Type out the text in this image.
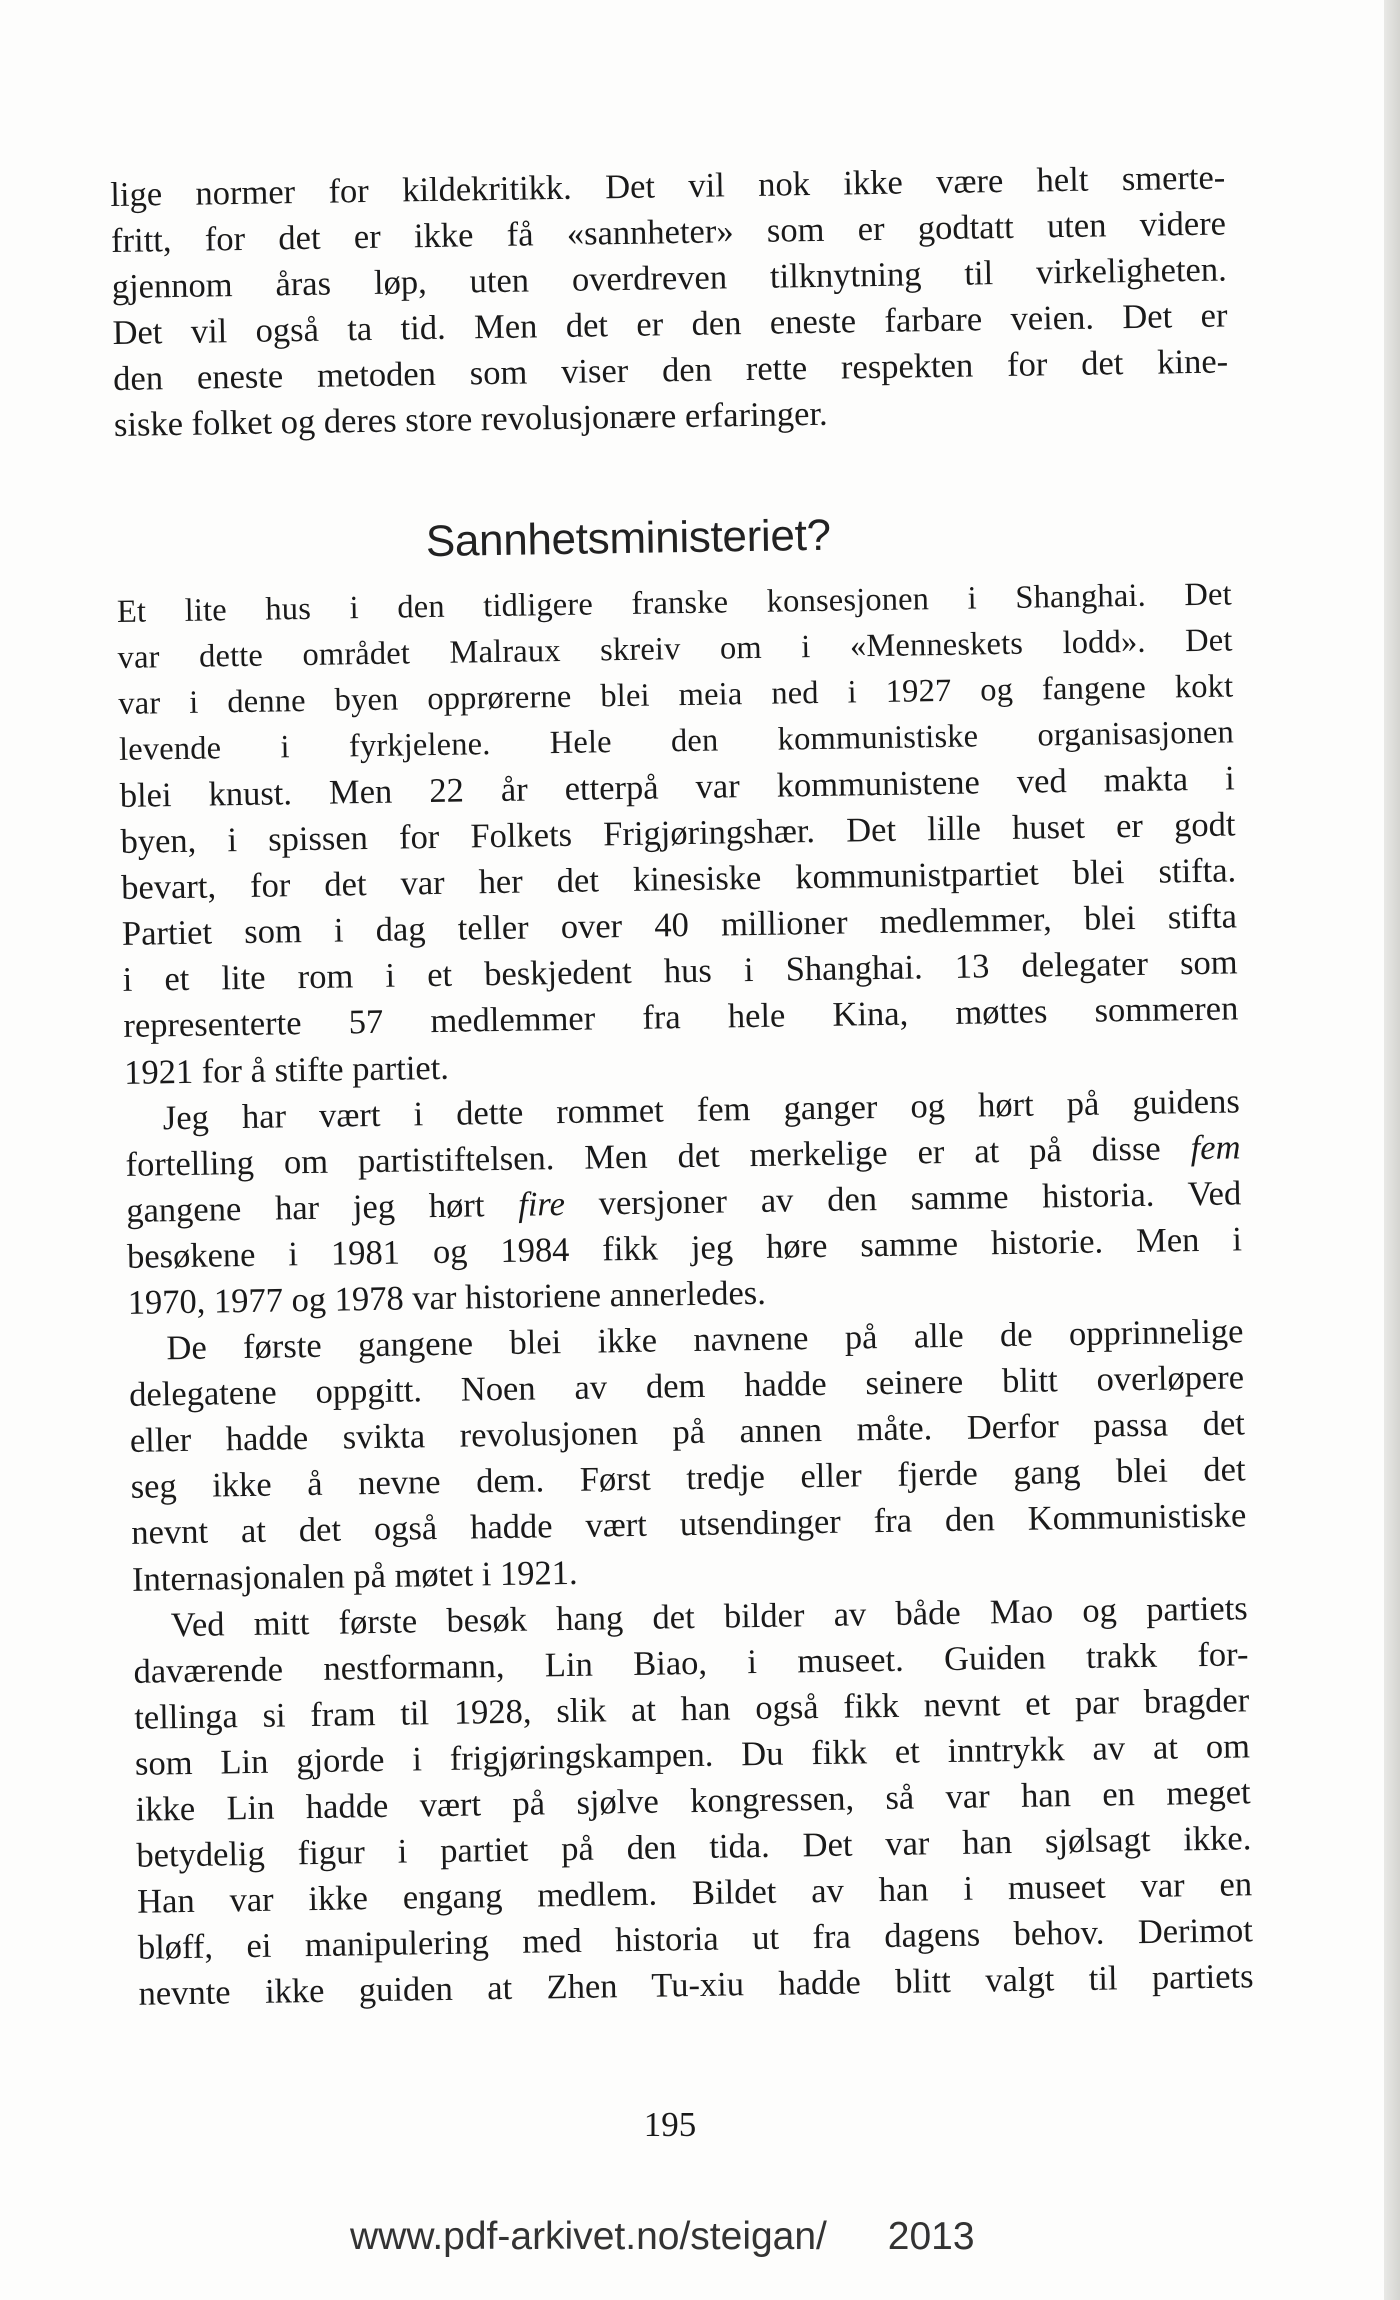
lige normer for kildekritikk. Det vil nok ikke være helt smerte-
fritt, for det er ikke få «sannheter» som er godtatt uten videre
gjennom åras løp, uten overdreven tilknytning til virkeligheten.
Det vil også ta tid. Men det er den eneste farbare veien. Det er
den eneste metoden som viser den rette respekten for det kine-
siske folket og deres store revolusjonære erfaringer.
Sannhetsministeriet?
Et lite hus i den tidligere franske konsesjonen i Shanghai. Det
var dette området Malraux skreiv om i «Menneskets lodd». Det
var i denne byen opprørerne blei meia ned i 1927 og fangene kokt
levende i fyrkjelene. Hele den kommunistiske organisasjonen
blei knust. Men 22 år etterpå var kommunistene ved makta i
byen, i spissen for Folkets Frigjøringshær. Det lille huset er godt
bevart, for det var her det kinesiske kommunistpartiet blei stifta.
Partiet som i dag teller over 40 millioner medlemmer, blei stifta
i et lite rom i et beskjedent hus i Shanghai. 13 delegater som
representerte 57 medlemmer fra hele Kina, møttes sommeren
1921 for å stifte partiet.
Jeg har vært i dette rommet fem ganger og hørt på guidens
fortelling om partistiftelsen. Men det merkelige er at på disse fem
gangene har jeg hørt fire versjoner av den samme historia. Ved
besøkene i 1981 og 1984 fikk jeg høre samme historie. Men i
1970, 1977 og 1978 var historiene annerledes.
De første gangene blei ikke navnene på alle de opprinnelige
delegatene oppgitt. Noen av dem hadde seinere blitt overløpere
eller hadde svikta revolusjonen på annen måte. Derfor passa det
seg ikke å nevne dem. Først tredje eller fjerde gang blei det
nevnt at det også hadde vært utsendinger fra den Kommunistiske
Internasjonalen på møtet i 1921.
Ved mitt første besøk hang det bilder av både Mao og partiets
daværende nestformann, Lin Biao, i museet. Guiden trakk for-
tellinga si fram til 1928, slik at han også fikk nevnt et par bragder
som Lin gjorde i frigjøringskampen. Du fikk et inntrykk av at om
ikke Lin hadde vært på sjølve kongressen, så var han en meget
betydelig figur i partiet på den tida. Det var han sjølsagt ikke.
Han var ikke engang medlem. Bildet av han i museet var en
bløff, ei manipulering med historia ut fra dagens behov. Derimot
nevnte ikke guiden at Zhen Tu-xiu hadde blitt valgt til partiets
195
www.pdf-arkivet.no/steigan/ 2013
